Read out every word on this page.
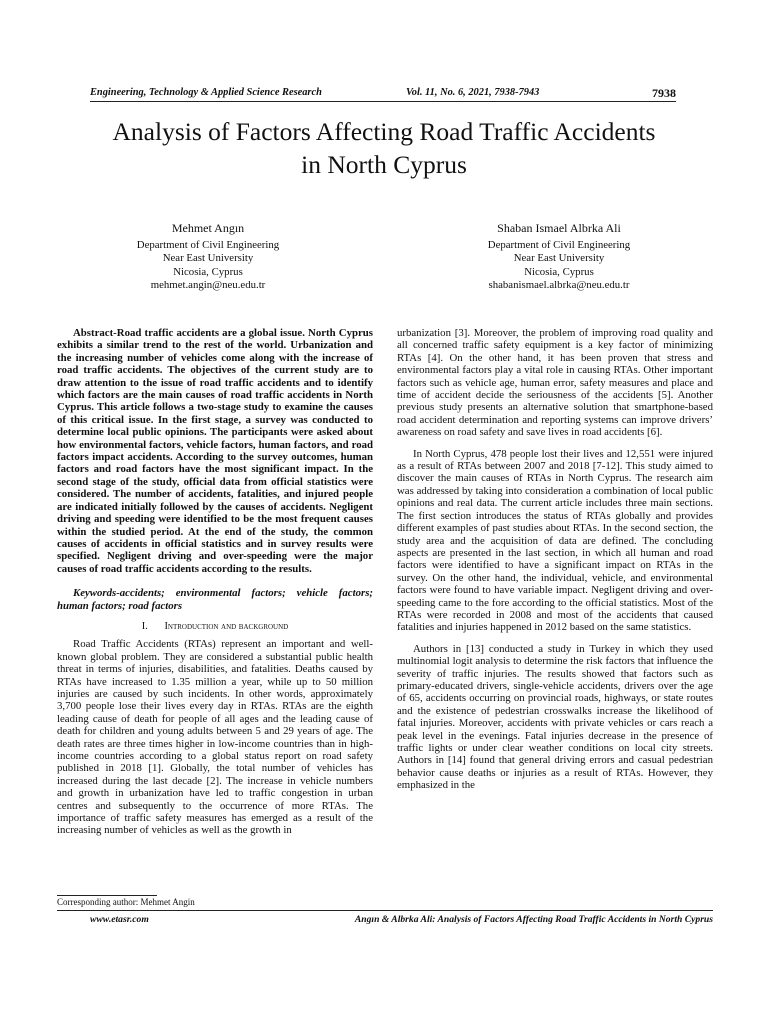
Engineering, Technology & Applied Science Research	Vol. 11, No. 6, 2021, 7938-7943	7938
Analysis of Factors Affecting Road Traffic Accidents
in North Cyprus
Mehmet Angın
Department of Civil Engineering
Near East University
Nicosia, Cyprus
mehmet.angin@neu.edu.tr
Shaban Ismael Albrka Ali
Department of Civil Engineering
Near East University
Nicosia, Cyprus
shabanismael.albrka@neu.edu.tr

Abstract-Road traffic accidents are a global issue. North Cyprus exhibits a similar trend to the rest of the world. Urbanization and the increasing number of vehicles come along with the increase of road traffic accidents. The objectives of the current study are to draw attention to the issue of road traffic accidents and to identify which factors are the main causes of road traffic accidents in North Cyprus. This article follows a two-stage study to examine the causes of this critical issue. In the first stage, a survey was conducted to determine local public opinions. The participants were asked about how environmental factors, vehicle factors, human factors, and road factors impact accidents. According to the survey outcomes, human factors and road factors have the most significant impact. In the second stage of the study, official data from official statistics were considered. The number of accidents, fatalities, and injured people are indicated initially followed by the causes of accidents. Negligent driving and speeding were identified to be the most frequent causes within the studied period. At the end of the study, the common causes of accidents in official statistics and in survey results were specified. Negligent driving and over-speeding were the major causes of road traffic accidents according to the results.

Keywords-accidents; environmental factors; vehicle factors; human factors; road factors

I. Introduction and background

Road Traffic Accidents (RTAs) represent an important and well-known global problem. They are considered a substantial public health threat in terms of injuries, disabilities, and fatalities. Deaths caused by RTAs have increased to 1.35 million a year, while up to 50 million injuries are caused by such incidents. In other words, approximately 3,700 people lose their lives every day in RTAs. RTAs are the eighth leading cause of death for people of all ages and the leading cause of death for children and young adults between 5 and 29 years of age. The death rates are three times higher in low-income countries than in high-income countries according to a global status report on road safety published in 2018 [1]. Globally, the total number of vehicles has increased during the last decade [2]. The increase in vehicle numbers and growth in urbanization have led to traffic congestion in urban centres and subsequently to the occurrence of more RTAs. The importance of traffic safety measures has emerged as a result of the increasing number of vehicles as well as the growth in

urbanization [3]. Moreover, the problem of improving road quality and all concerned traffic safety equipment is a key factor of minimizing RTAs [4]. On the other hand, it has been proven that stress and environmental factors play a vital role in causing RTAs. Other important factors such as vehicle age, human error, safety measures and place and time of accident decide the seriousness of the accidents [5]. Another previous study presents an alternative solution that smartphone-based road accident determination and reporting systems can improve drivers’ awareness on road safety and save lives in road accidents [6].

In North Cyprus, 478 people lost their lives and 12,551 were injured as a result of RTAs between 2007 and 2018 [7-12]. This study aimed to discover the main causes of RTAs in North Cyprus. The research aim was addressed by taking into consideration a combination of local public opinions and real data. The current article includes three main sections. The first section introduces the status of RTAs globally and provides different examples of past studies about RTAs. In the second section, the study area and the acquisition of data are defined. The concluding aspects are presented in the last section, in which all human and road factors were identified to have a significant impact on RTAs in the survey. On the other hand, the individual, vehicle, and environmental factors were found to have variable impact. Negligent driving and over-speeding came to the fore according to the official statistics. Most of the RTAs were recorded in 2008 and most of the accidents that caused fatalities and injuries happened in 2012 based on the same statistics.

Authors in [13] conducted a study in Turkey in which they used multinomial logit analysis to determine the risk factors that influence the severity of traffic injuries. The results showed that factors such as primary-educated drivers, single-vehicle accidents, drivers over the age of 65, accidents occurring on provincial roads, highways, or state routes and the existence of pedestrian crosswalks increase the likelihood of fatal injuries. Moreover, accidents with private vehicles or cars reach a peak level in the evenings. Fatal injuries decrease in the presence of traffic lights or under clear weather conditions on local city streets. Authors in [14] found that general driving errors and casual pedestrian behavior cause deaths or injuries as a result of RTAs. However, they emphasized in the

Corresponding author: Mehmet Angin
www.etasr.com	Angın & Albrka Ali: Analysis of Factors Affecting Road Traffic Accidents in North Cyprus
